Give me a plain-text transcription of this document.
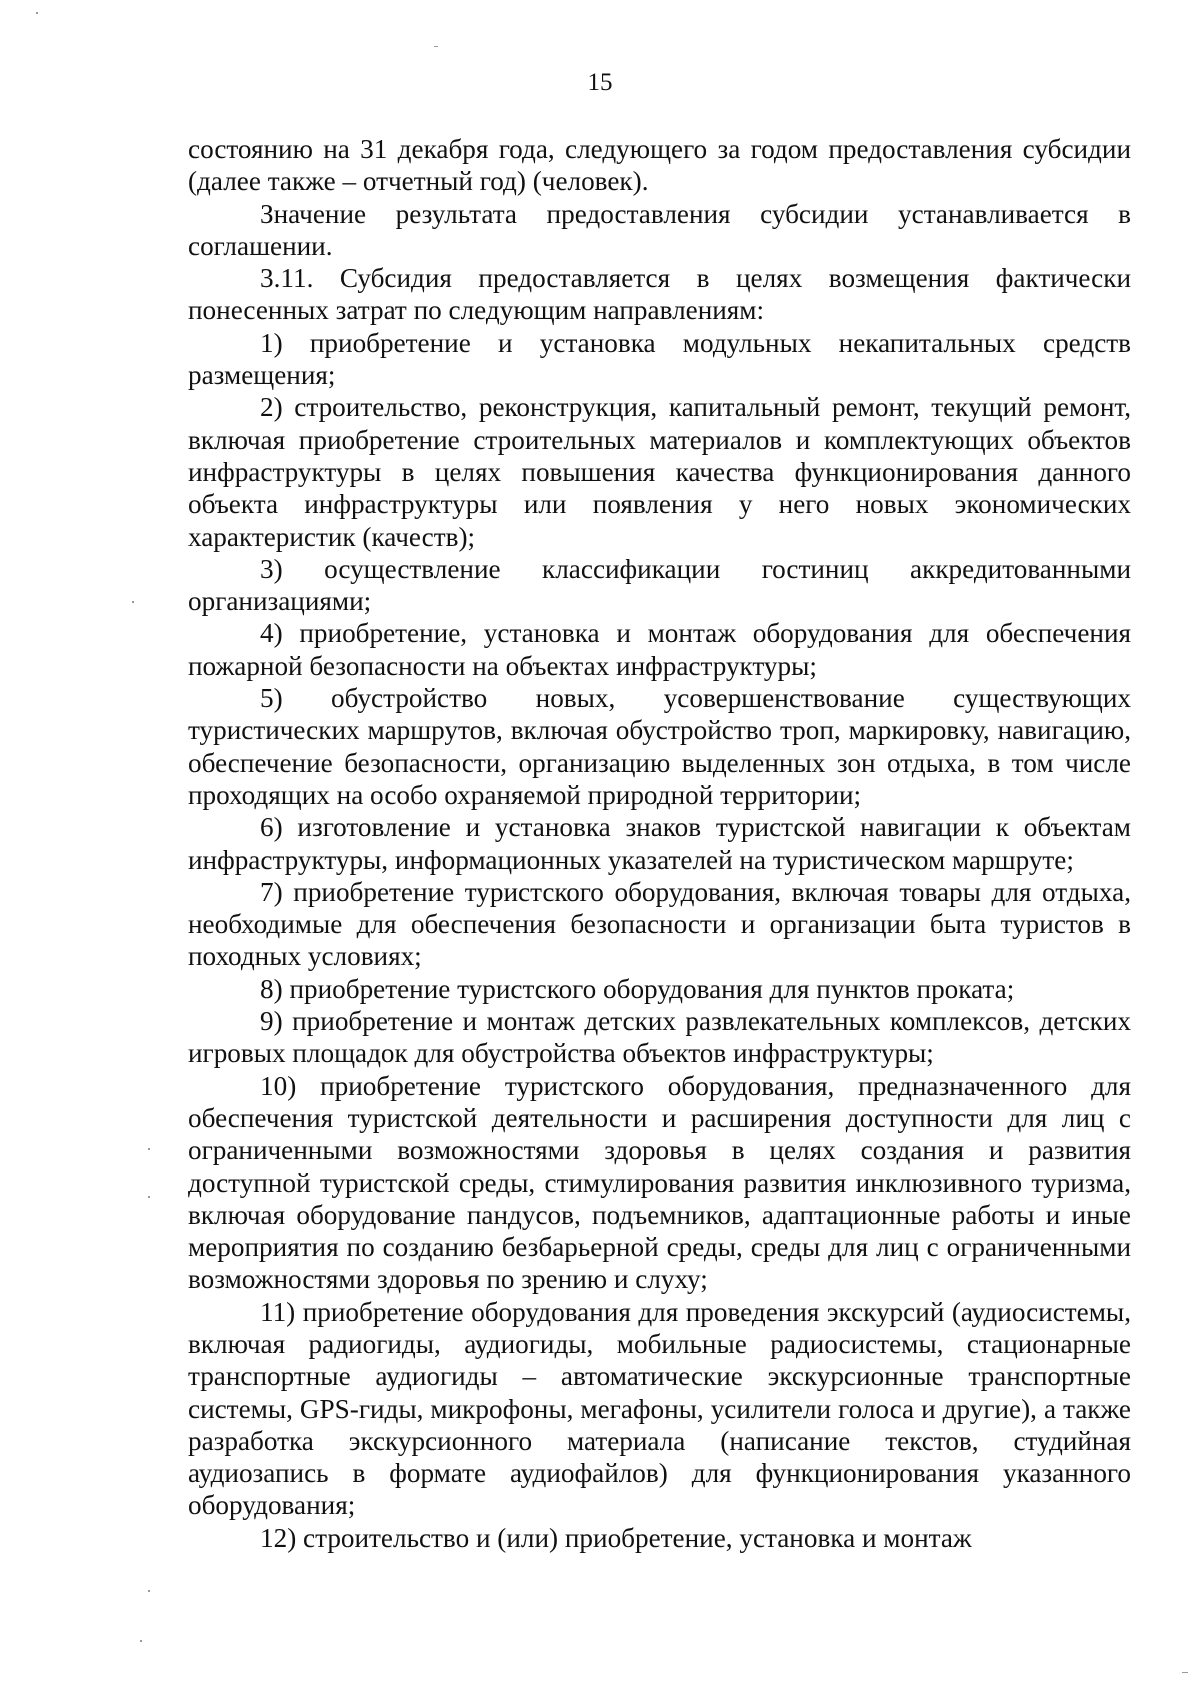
15

состоянию на 31 декабря года, следующего за годом предоставления субсидии (далее также – отчетный год) (человек).

Значение результата предоставления субсидии устанавливается в соглашении.

3.11. Субсидия предоставляется в целях возмещения фактически понесенных затрат по следующим направлениям:

1) приобретение и установка модульных некапитальных средств размещения;

2) строительство, реконструкция, капитальный ремонт, текущий ремонт, включая приобретение строительных материалов и комплектующих объектов инфраструктуры в целях повышения качества функционирования данного объекта инфраструктуры или появления у него новых экономических характеристик (качеств);

3) осуществление классификации гостиниц аккредитованными организациями;

4) приобретение, установка и монтаж оборудования для обеспечения пожарной безопасности на объектах инфраструктуры;

5) обустройство новых, усовершенствование существующих туристических маршрутов, включая обустройство троп, маркировку, навигацию, обеспечение безопасности, организацию выделенных зон отдыха, в том числе проходящих на особо охраняемой природной территории;

6) изготовление и установка знаков туристской навигации к объектам инфраструктуры, информационных указателей на туристическом маршруте;

7) приобретение туристского оборудования, включая товары для отдыха, необходимые для обеспечения безопасности и организации быта туристов в походных условиях;

8) приобретение туристского оборудования для пунктов проката;

9) приобретение и монтаж детских развлекательных комплексов, детских игровых площадок для обустройства объектов инфраструктуры;

10) приобретение туристского оборудования, предназначенного для обеспечения туристской деятельности и расширения доступности для лиц с ограниченными возможностями здоровья в целях создания и развития доступной туристской среды, стимулирования развития инклюзивного туризма, включая оборудование пандусов, подъемников, адаптационные работы и иные мероприятия по созданию безбарьерной среды, среды для лиц с ограниченными возможностями здоровья по зрению и слуху;

11) приобретение оборудования для проведения экскурсий (аудиосистемы, включая радиогиды, аудиогиды, мобильные радиосистемы, стационарные транспортные аудиогиды – автоматические экскурсионные транспортные системы, GPS-гиды, микрофоны, мегафоны, усилители голоса и другие), а также разработка экскурсионного материала (написание текстов, студийная аудиозапись в формате аудиофайлов) для функционирования указанного оборудования;

12) строительство и (или) приобретение, установка и монтаж
